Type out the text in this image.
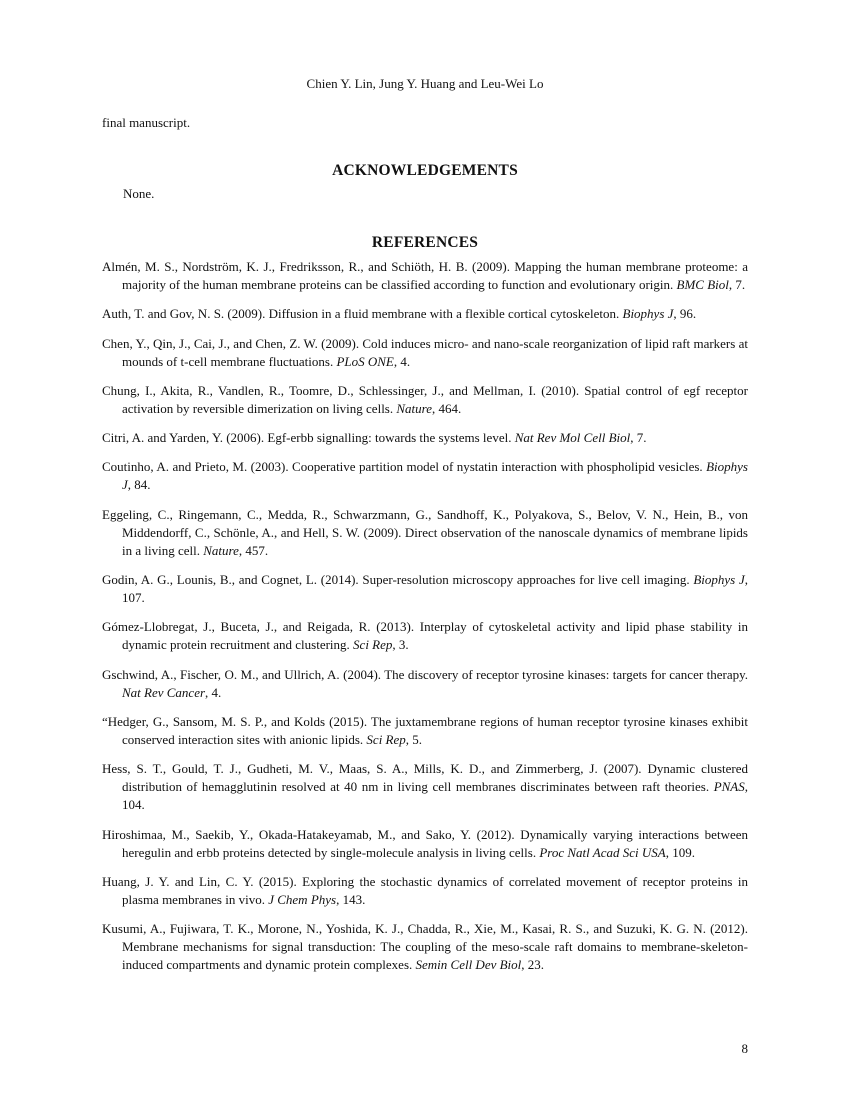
Chien Y. Lin, Jung Y. Huang and Leu-Wei Lo
final manuscript.
ACKNOWLEDGEMENTS
None.
REFERENCES

Almén, M. S., Nordström, K. J., Fredriksson, R., and Schiöth, H. B. (2009). Mapping the human membrane proteome: a majority of the human membrane proteins can be classified according to function and evolutionary origin. BMC Biol, 7.

Auth, T. and Gov, N. S. (2009). Diffusion in a fluid membrane with a flexible cortical cytoskeleton. Biophys J, 96.

Chen, Y., Qin, J., Cai, J., and Chen, Z. W. (2009). Cold induces micro- and nano-scale reorganization of lipid raft markers at mounds of t-cell membrane fluctuations. PLoS ONE, 4.

Chung, I., Akita, R., Vandlen, R., Toomre, D., Schlessinger, J., and Mellman, I. (2010). Spatial control of egf receptor activation by reversible dimerization on living cells. Nature, 464.

Citri, A. and Yarden, Y. (2006). Egf-erbb signalling: towards the systems level. Nat Rev Mol Cell Biol, 7.

Coutinho, A. and Prieto, M. (2003). Cooperative partition model of nystatin interaction with phospholipid vesicles. Biophys J, 84.

Eggeling, C., Ringemann, C., Medda, R., Schwarzmann, G., Sandhoff, K., Polyakova, S., Belov, V. N., Hein, B., von Middendorff, C., Schönle, A., and Hell, S. W. (2009). Direct observation of the nanoscale dynamics of membrane lipids in a living cell. Nature, 457.

Godin, A. G., Lounis, B., and Cognet, L. (2014). Super-resolution microscopy approaches for live cell imaging. Biophys J, 107.

Gómez-Llobregat, J., Buceta, J., and Reigada, R. (2013). Interplay of cytoskeletal activity and lipid phase stability in dynamic protein recruitment and clustering. Sci Rep, 3.

Gschwind, A., Fischer, O. M., and Ullrich, A. (2004). The discovery of receptor tyrosine kinases: targets for cancer therapy. Nat Rev Cancer, 4.

“Hedger, G., Sansom, M. S. P., and Kolds (2015). The juxtamembrane regions of human receptor tyrosine kinases exhibit conserved interaction sites with anionic lipids. Sci Rep, 5.

Hess, S. T., Gould, T. J., Gudheti, M. V., Maas, S. A., Mills, K. D., and Zimmerberg, J. (2007). Dynamic clustered distribution of hemagglutinin resolved at 40 nm in living cell membranes discriminates between raft theories. PNAS, 104.

Hiroshimaa, M., Saekib, Y., Okada-Hatakeyamab, M., and Sako, Y. (2012). Dynamically varying interactions between heregulin and erbb proteins detected by single-molecule analysis in living cells. Proc Natl Acad Sci USA, 109.

Huang, J. Y. and Lin, C. Y. (2015). Exploring the stochastic dynamics of correlated movement of receptor proteins in plasma membranes in vivo. J Chem Phys, 143.

Kusumi, A., Fujiwara, T. K., Morone, N., Yoshida, K. J., Chadda, R., Xie, M., Kasai, R. S., and Suzuki, K. G. N. (2012). Membrane mechanisms for signal transduction: The coupling of the meso-scale raft domains to membrane-skeleton-induced compartments and dynamic protein complexes. Semin Cell Dev Biol, 23.

8
